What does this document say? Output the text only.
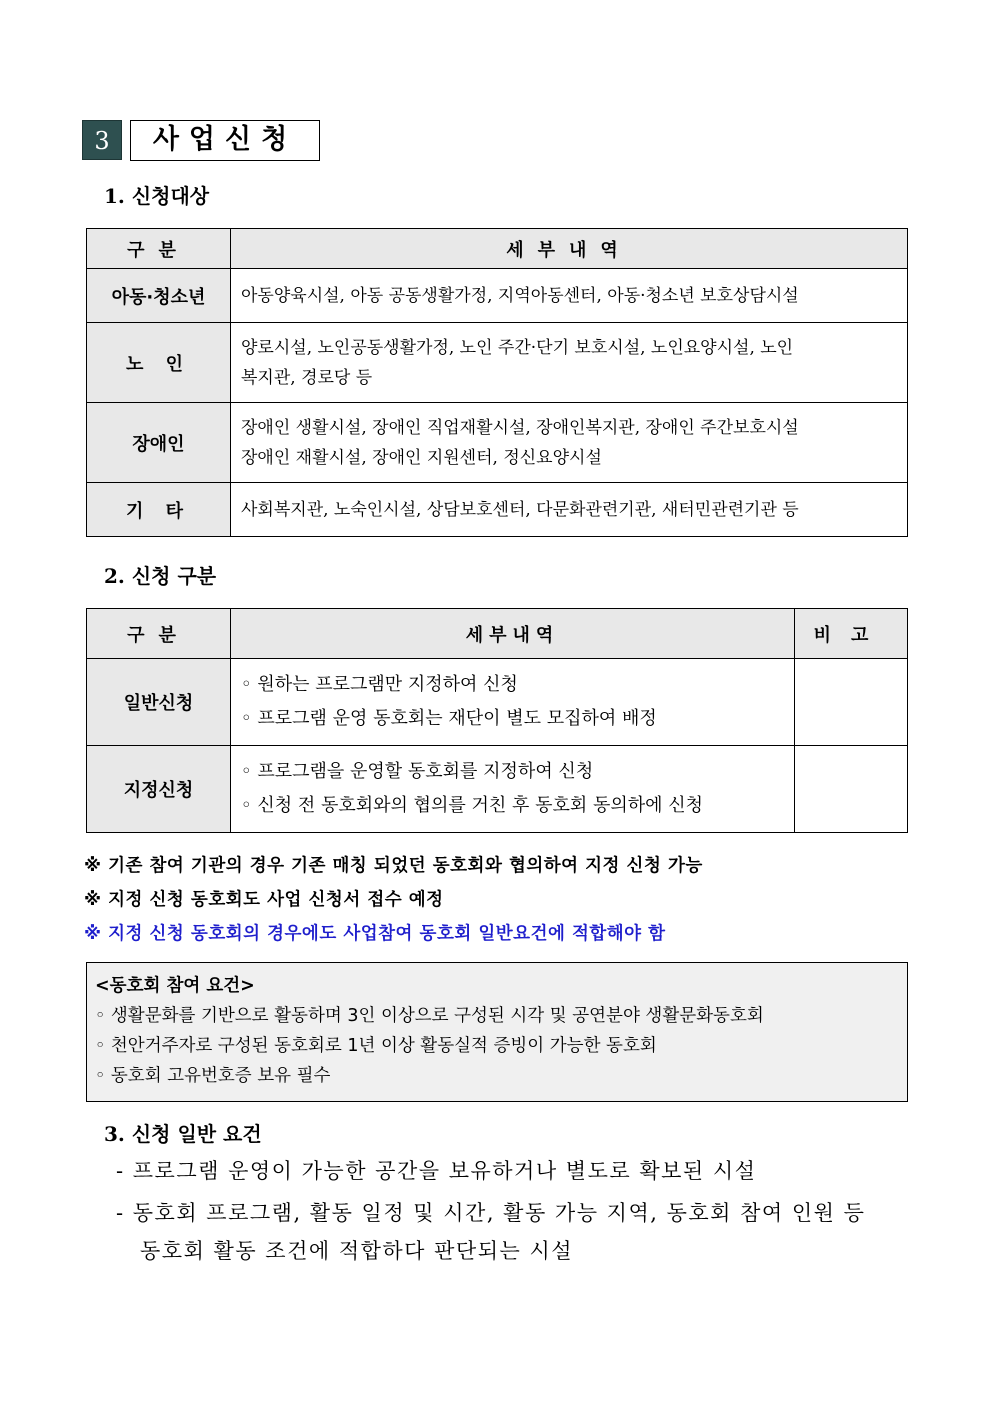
3	사업신청
1. 신청대상
구분	세부내역
아동·청소년	아동양육시설, 아동 공동생활가정, 지역아동센터, 아동·청소년 보호상담시설

노 인	양로시설, 노인공동생활가정, 노인 주간·단기 보호시설, 노인요양시설, 노인
복지관, 경로당 등

장애인	장애인 생활시설, 장애인 직업재활시설, 장애인복지관, 장애인 주간보호시설
장애인 재활시설, 장애인 지원센터, 정신요양시설

기 타	사회복지관, 노숙인시설, 상담보호센터, 다문화관련기관, 새터민관련기관 등
2. 신청 구분
구분	세부내역	비고
일반신청	◦ 원하는 프로그램만 지정하여 신청
◦ 프로그램 운영 동호회는 재단이 별도 모집하여 배정	

지정신청	◦ 프로그램을 운영할 동호회를 지정하여 신청
◦ 신청 전 동호회와의 협의를 거친 후 동호회 동의하에 신청	

※ 기존 참여 기관의 경우 기존 매칭 되었던 동호회와 협의하여 지정 신청 가능
※ 지정 신청 동호회도 사업 신청서 접수 예정
※ 지정 신청 동호회의 경우에도 사업참여 동호회 일반요건에 적합해야 함
<동호회 참여 요건>
◦ 생활문화를 기반으로 활동하며 3인 이상으로 구성된 시각 및 공연분야 생활문화동호회
◦ 천안거주자로 구성된 동호회로 1년 이상 활동실적 증빙이 가능한 동호회
◦ 동호회 고유번호증 보유 필수
3. 신청 일반 요건
- 프로그램 운영이 가능한 공간을 보유하거나 별도로 확보된 시설
- 동호회 프로그램, 활동 일정 및 시간, 활동 가능 지역, 동호회 참여 인원 등
동호회 활동 조건에 적합하다 판단되는 시설
